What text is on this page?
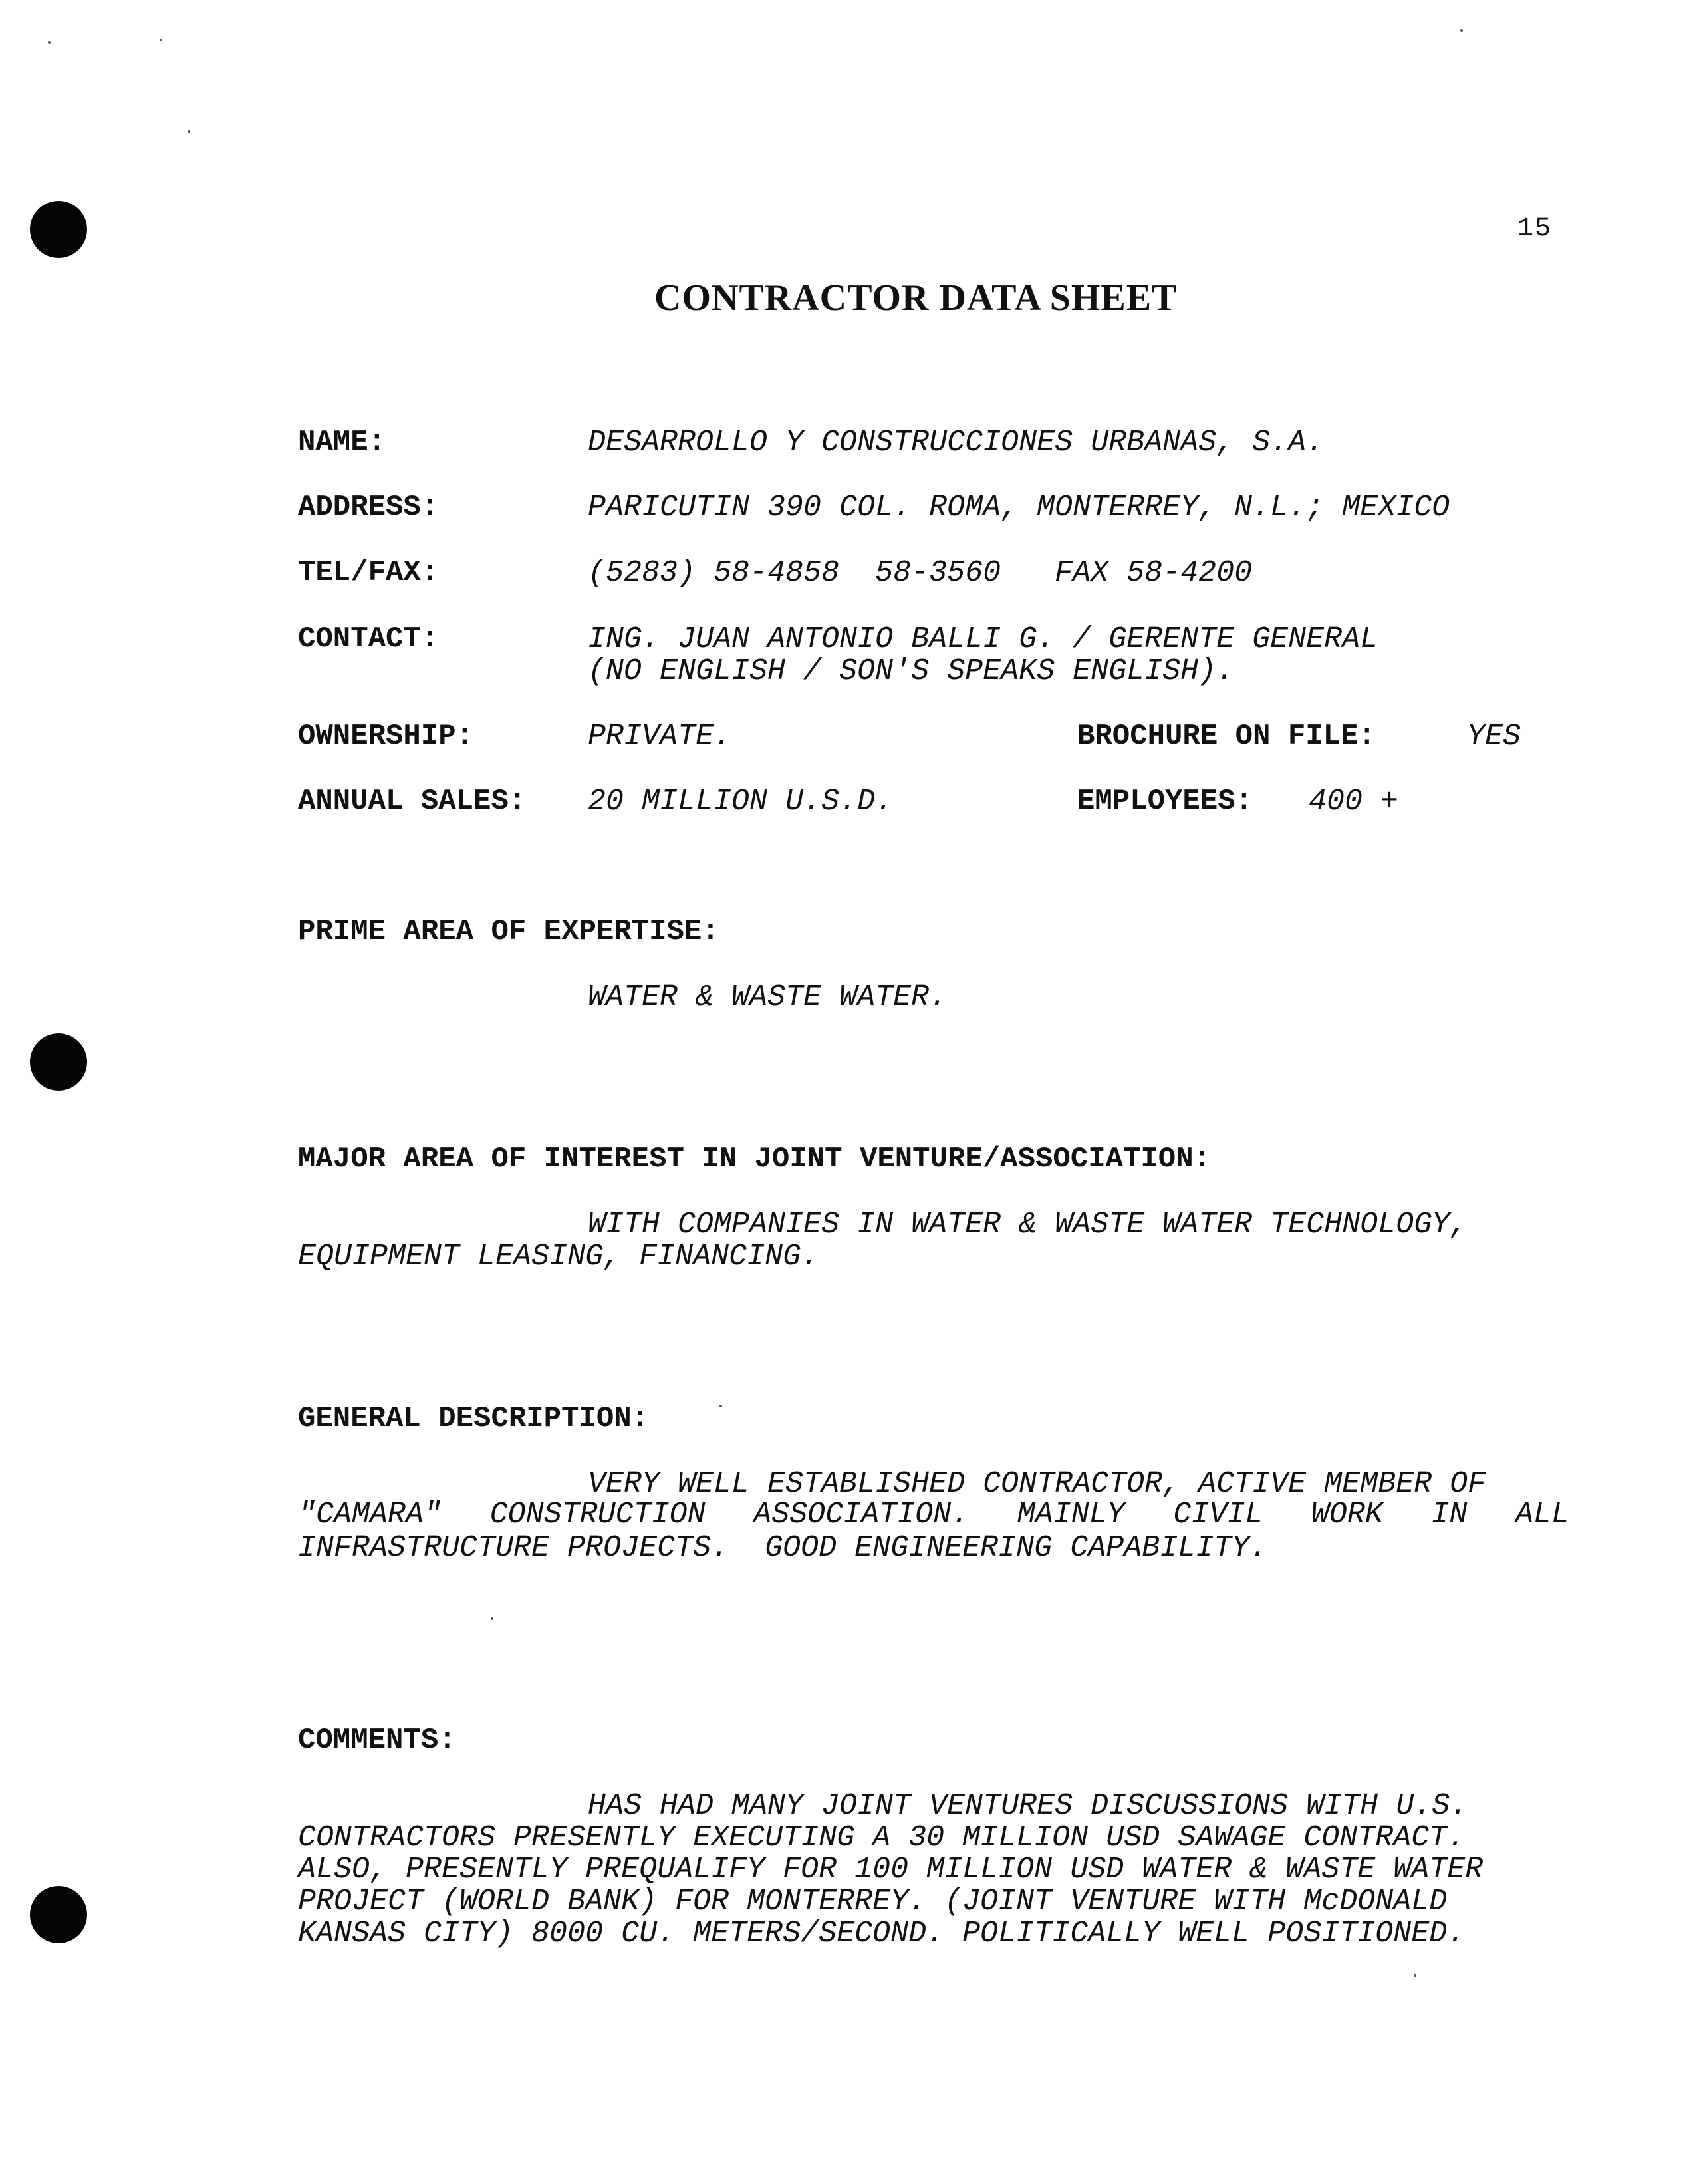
15
CONTRACTOR DATA SHEET
NAME:	DESARROLLO Y CONSTRUCCIONES URBANAS, S.A.
ADDRESS:	PARICUTIN 390 COL. ROMA, MONTERREY, N.L.; MEXICO
TEL/FAX:	(5283) 58-4858  58-3560   FAX 58-4200
CONTACT:	ING. JUAN ANTONIO BALLI G. / GERENTE GENERAL
(NO ENGLISH / SON'S SPEAKS ENGLISH).
OWNERSHIP:	PRIVATE.	BROCHURE ON FILE:	YES
ANNUAL SALES: 20 MILLION U.S.D.	EMPLOYEES: 400 +
PRIME AREA OF EXPERTISE:
WATER & WASTE WATER.
MAJOR AREA OF INTEREST IN JOINT VENTURE/ASSOCIATION:
WITH COMPANIES IN WATER & WASTE WATER TECHNOLOGY,
EQUIPMENT LEASING, FINANCING.
GENERAL DESCRIPTION:
VERY WELL ESTABLISHED CONTRACTOR, ACTIVE MEMBER OF
"CAMARA" CONSTRUCTION ASSOCIATION. MAINLY CIVIL WORK IN ALL
INFRASTRUCTURE PROJECTS.  GOOD ENGINEERING CAPABILITY.
COMMENTS:
HAS HAD MANY JOINT VENTURES DISCUSSIONS WITH U.S.
CONTRACTORS PRESENTLY EXECUTING A 30 MILLION USD SAWAGE CONTRACT.
ALSO, PRESENTLY PREQUALIFY FOR 100 MILLION USD WATER & WASTE WATER
PROJECT (WORLD BANK) FOR MONTERREY. (JOINT VENTURE WITH McDONALD
KANSAS CITY) 8000 CU. METERS/SECOND. POLITICALLY WELL POSITIONED.
